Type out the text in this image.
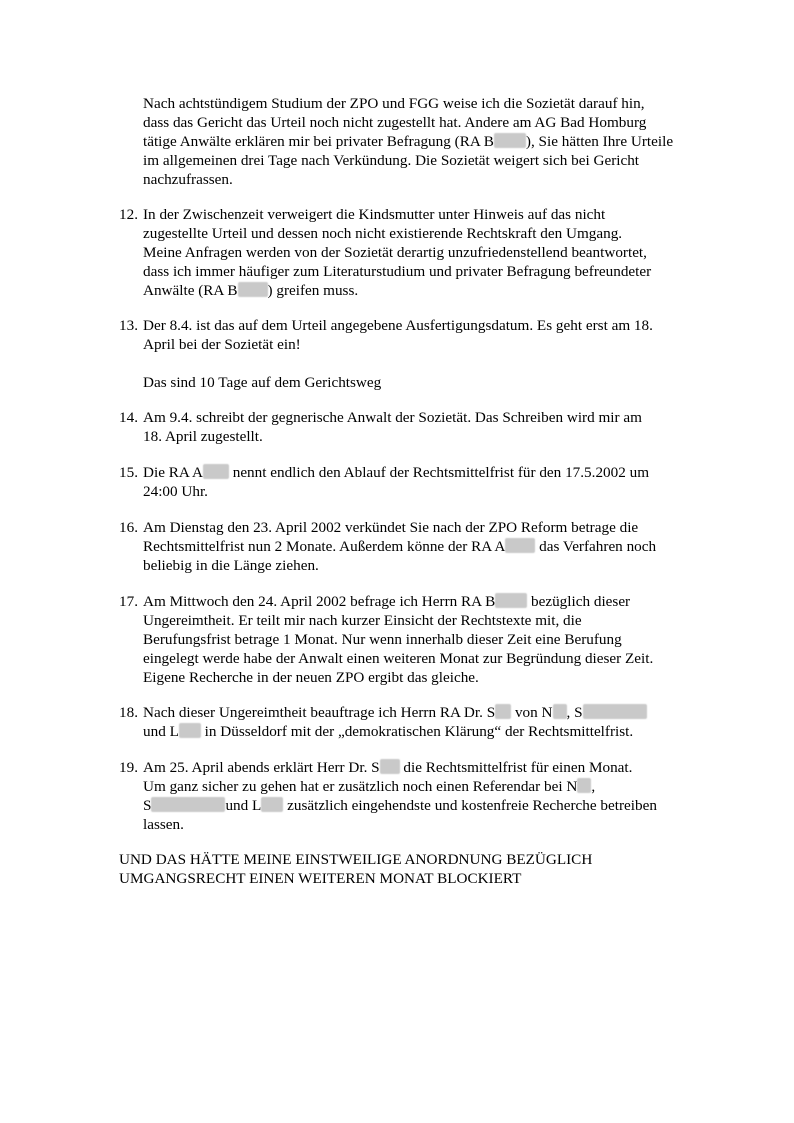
Nach achtstündigem Studium der ZPO und FGG weise ich die Sozietät darauf hin,
dass das Gericht das Urteil noch nicht zugestellt hat. Andere am AG Bad Homburg
tätige Anwälte erklären mir bei privater Befragung (RA B ), Sie hätten Ihre Urteile
im allgemeinen drei Tage nach Verkündung. Die Sozietät weigert sich bei Gericht
nachzufrassen.
12. In der Zwischenzeit verweigert die Kindsmutter unter Hinweis auf das nicht
zugestellte Urteil und dessen noch nicht existierende Rechtskraft den Umgang.
Meine Anfragen werden von der Sozietät derartig unzufriedenstellend beantwortet,
dass ich immer häufiger zum Literaturstudium und privater Befragung befreundeter
Anwälte (RA B ) greifen muss.
13. Der 8.4. ist das auf dem Urteil angegebene Ausfertigungsdatum. Es geht erst am 18.
April bei der Sozietät ein!
Das sind 10 Tage auf dem Gerichtsweg
14. Am 9.4. schreibt der gegnerische Anwalt der Sozietät. Das Schreiben wird mir am
18. April zugestellt.
15. Die RA A nennt endlich den Ablauf der Rechtsmittelfrist für den 17.5.2002 um
24:00 Uhr.
16. Am Dienstag den 23. April 2002 verkündet Sie nach der ZPO Reform betrage die
Rechtsmittelfrist nun 2 Monate. Außerdem könne der RA A das Verfahren noch
beliebig in die Länge ziehen.
17. Am Mittwoch den 24. April 2002 befrage ich Herrn RA B bezüglich dieser
Ungereimtheit. Er teilt mir nach kurzer Einsicht der Rechtstexte mit, die
Berufungsfrist betrage 1 Monat. Nur wenn innerhalb dieser Zeit eine Berufung
eingelegt werde habe der Anwalt einen weiteren Monat zur Begründung dieser Zeit.
Eigene Recherche in der neuen ZPO ergibt das gleiche.
18. Nach dieser Ungereimtheit beauftrage ich Herrn RA Dr. S von N , S
und L in Düsseldorf mit der „demokratischen Klärung“ der Rechtsmittelfrist.
19. Am 25. April abends erklärt Herr Dr. S die Rechtsmittelfrist für einen Monat.
Um ganz sicher zu gehen hat er zusätzlich noch einen Referendar bei N ,
S	und L zusätzlich eingehendste und kostenfreie Recherche betreiben
lassen.
UND DAS HÄTTE MEINE EINSTWEILIGE ANORDNUNG BEZÜGLICH
UMGANGSRECHT EINEN WEITEREN MONAT BLOCKIERT
